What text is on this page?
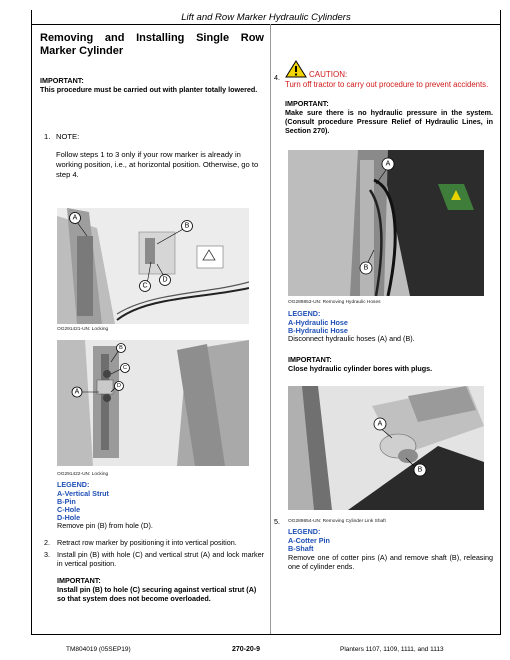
Lift and Row Marker Hydraulic Cylinders
Removing and Installing Single Row Marker Cylinder
IMPORTANT:
This procedure must be carried out with planter totally lowered.
1. NOTE:
Follow steps 1 to 3 only if your row marker is already in working position, i.e., at horizontal position. Otherwise, go to step 4.
A
B
C
D
OG291421-UN: Locking
A
B
C
D
OG291422-UN: Locking
LEGEND:
A-Vertical Strut
B-Pin
C-Hole
D-Hole
Remove pin (B) from hole (D).
2. Retract row marker by positioning it into vertical position.
3. Install pin (B) with hole (C) and vertical strut (A) and lock marker in vertical position.
IMPORTANT:
Install pin (B) to hole (C) securing against vertical strut (A) so that system does not become overloaded.
4.	CAUTION:
Turn off tractor to carry out procedure to prevent accidents.
IMPORTANT:
Make sure there is no hydraulic pressure in the system. (Consult procedure Pressure Relief of Hydraulic Lines, in Section 270).
A
B
OG289853-UN: Removing Hydraulic Hoses
LEGEND:
A-Hydraulic Hose
B-Hydraulic Hose
Disconnect hydraulic hoses (A) and (B).
IMPORTANT:
Close hydraulic cylinder bores with plugs.
A
B
5. OG289854-UN: Removing Cylinder Link Shaft
LEGEND:
A-Cotter Pin
B-Shaft
Remove one of cotter pins (A) and remove shaft (B), releasing one of cylinder ends.
TM804019 (05SEP19)	270-20-9	Planters 1107, 1109, 1111, and 1113
